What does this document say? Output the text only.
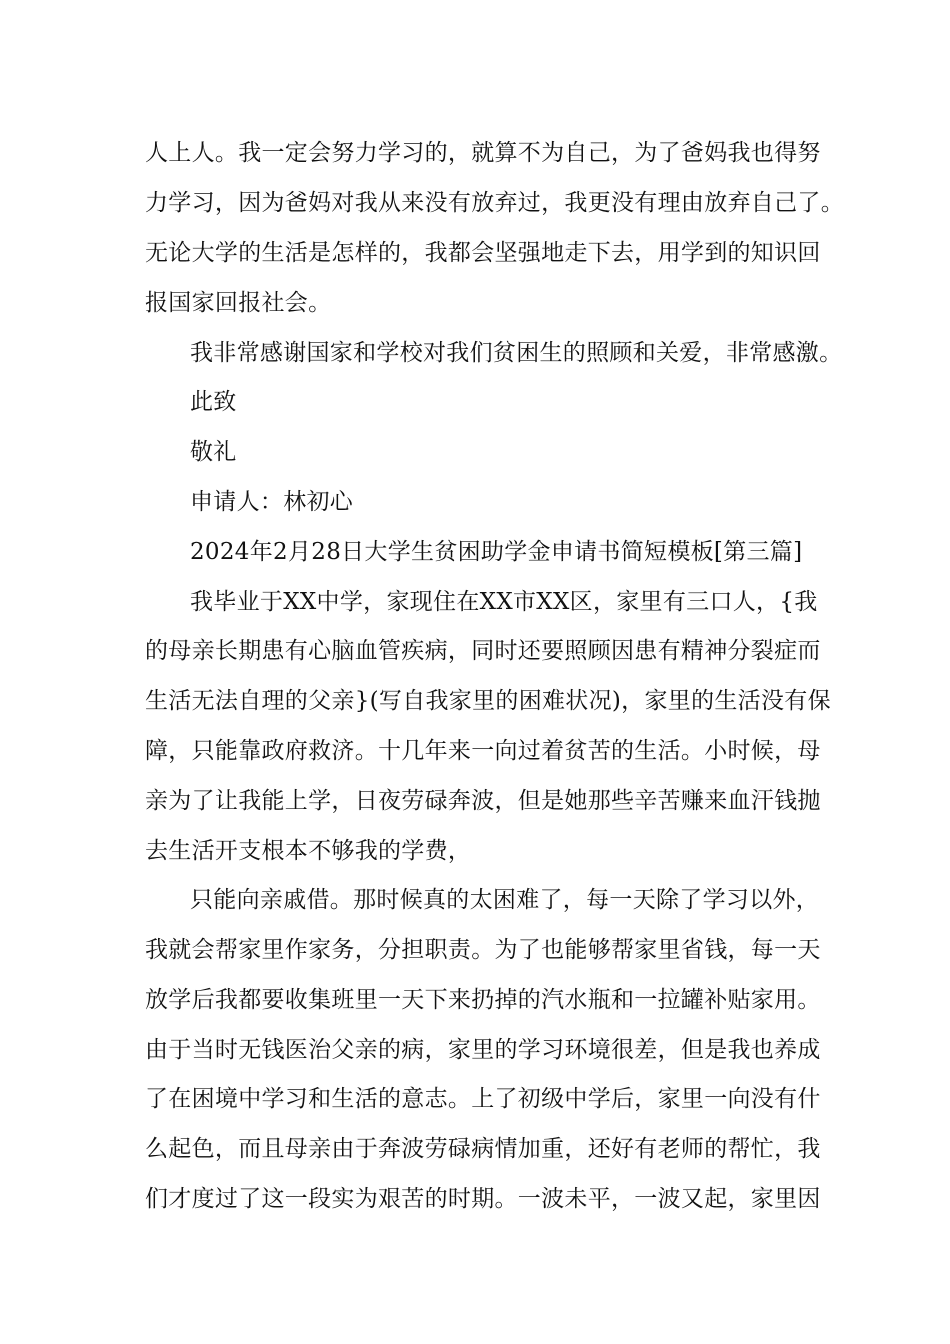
人上人。我一定会努力学习的，就算不为自己，为了爸妈我也得努
力学习，因为爸妈对我从来没有放弃过，我更没有理由放弃自己了。
无论大学的生活是怎样的，我都会坚强地走下去，用学到的知识回
报国家回报社会。
我非常感谢国家和学校对我们贫困生的照顾和关爱，非常感激。
此致
敬礼
申请人：林初心
2024年2月28日大学生贫困助学金申请书简短模板[第三篇]
我毕业于XX中学，家现住在XX市XX区，家里有三口人，{我
的母亲长期患有心脑血管疾病，同时还要照顾因患有精神分裂症而
生活无法自理的父亲}(写自我家里的困难状况)，家里的生活没有保
障，只能靠政府救济。十几年来一向过着贫苦的生活。小时候，母
亲为了让我能上学，日夜劳碌奔波，但是她那些辛苦赚来血汗钱抛
去生活开支根本不够我的学费，
只能向亲戚借。那时候真的太困难了，每一天除了学习以外，
我就会帮家里作家务，分担职责。为了也能够帮家里省钱，每一天
放学后我都要收集班里一天下来扔掉的汽水瓶和一拉罐补贴家用。
由于当时无钱医治父亲的病，家里的学习环境很差，但是我也养成
了在困境中学习和生活的意志。上了初级中学后，家里一向没有什
么起色，而且母亲由于奔波劳碌病情加重，还好有老师的帮忙，我
们才度过了这一段实为艰苦的时期。一波未平，一波又起，家里因
